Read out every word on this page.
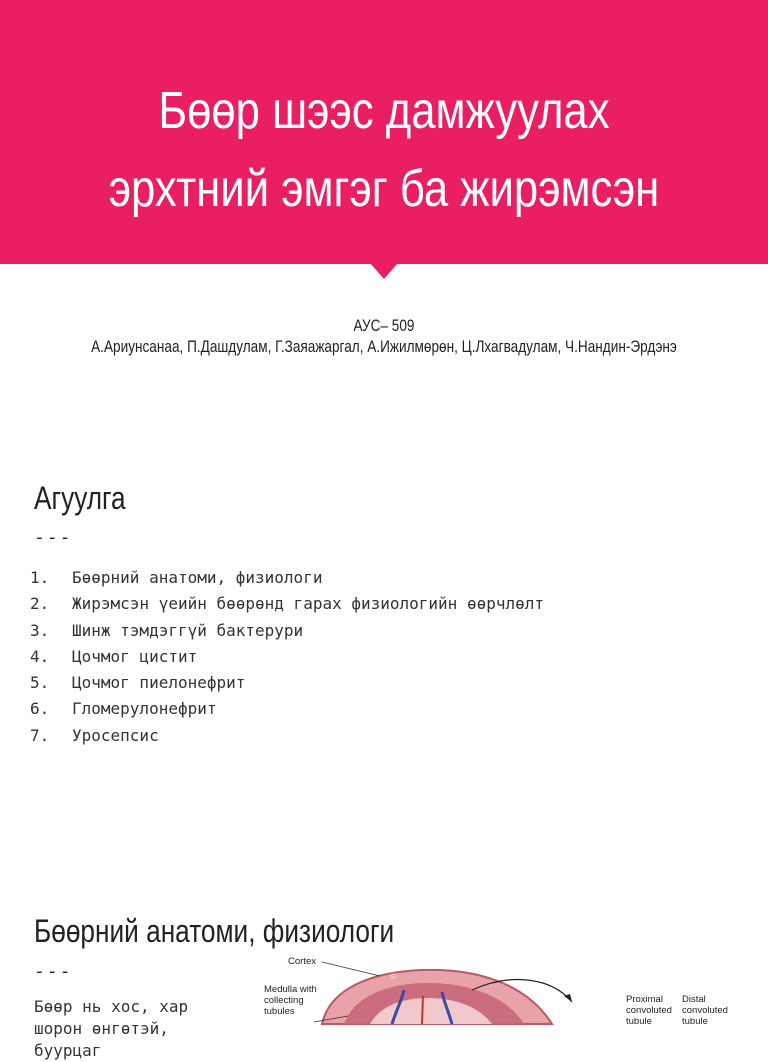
Бөөр шээс дамжуулах
эрхтний эмгэг ба жирэмсэн
АУС– 509
А.Ариунсанаа, П.Дашдулам, Г.Заяажаргал, А.Ижилмөрөн, Ц.Лхагвадулам, Ч.Нандин-Эрдэнэ
Агуулга
---
1. Бөөрний анатоми, физиологи
2. Жирэмсэн үеийн бөөрөнд гарах физиологийн өөрчлөлт
3. Шинж тэмдэггүй бактерури
4. Цочмог цистит
5. Цочмог пиелонефрит
6. Гломерулонефрит
7. Уросепсис
Бөөрний анатоми, физиологи
---
Бөөр нь хос, хар
шорон өнгөтэй, буурцаг
©
Cortex
Medulla with
collecting
tubules
Proximal
convoluted
tubule
Distal
convoluted
tubule
